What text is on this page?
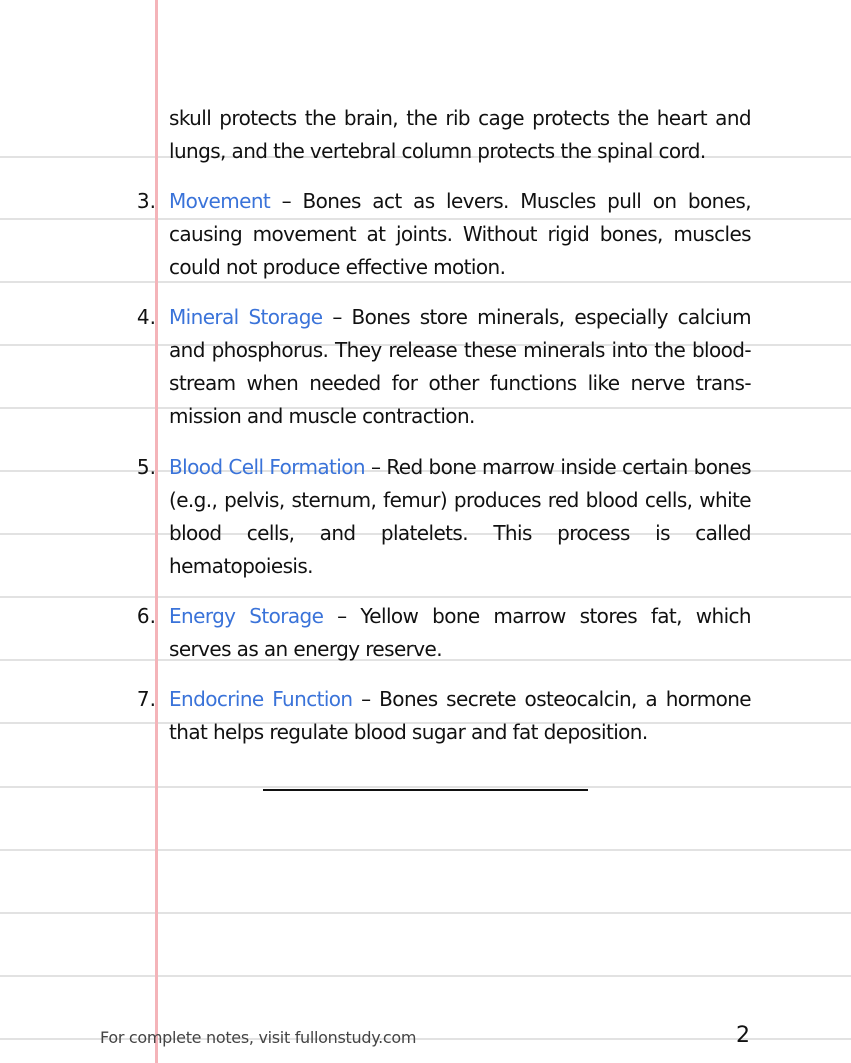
skull protects the brain, the rib cage protects the heart and lungs, and the vertebral column protects the spinal cord.
3. Movement – Bones act as levers. Muscles pull on bones, causing movement at joints. Without rigid bones, muscles could not produce effective motion.
4. Mineral Storage – Bones store minerals, especially calcium and phosphorus. They release these minerals into the blood-stream when needed for other functions like nerve trans-mission and muscle contraction.
5. Blood Cell Formation – Red bone marrow inside certain bones (e.g., pelvis, sternum, femur) produces red blood cells, white blood cells, and platelets. This process is called hematopoiesis.
6. Energy Storage – Yellow bone marrow stores fat, which serves as an energy reserve.
7. Endocrine Function – Bones secrete osteocalcin, a hormone that helps regulate blood sugar and fat deposition.
For complete notes, visit fullonstudy.com	2
